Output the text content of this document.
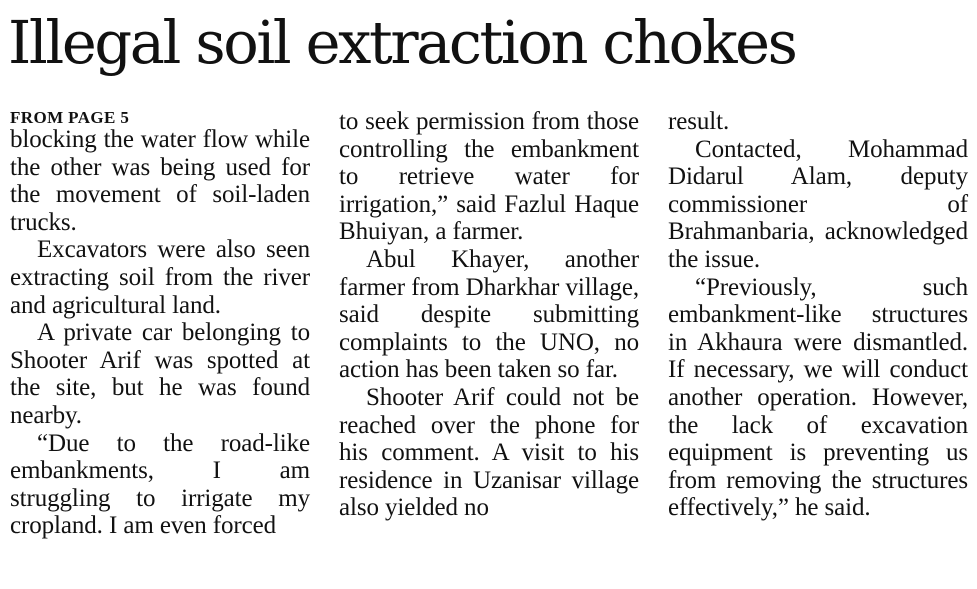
Illegal soil extraction chokes
FROM PAGE 5

blocking the water flow while the other was being used for the movement of soil-laden trucks.

Excavators were also seen extracting soil from the river and agricultural land.

A private car belonging to Shooter Arif was spotted at the site, but he was found nearby.

“Due to the road-like embankments, I am struggling to irrigate my cropland. I am even forced

to seek permission from those controlling the embankment to retrieve water for irrigation,” said Fazlul Haque Bhuiyan, a farmer.

Abul Khayer, another farmer from Dharkhar village, said despite submitting complaints to the UNO, no action has been taken so far.

Shooter Arif could not be reached over the phone for his comment. A visit to his residence in Uzanisar village also yielded no

result.

Contacted, Mohammad Didarul Alam, deputy commissioner of Brahmanbaria, acknowledged the issue.

“Previously, such embankment-like structures in Akhaura were dismantled. If necessary, we will conduct another operation. However, the lack of excavation equipment is preventing us from removing the structures effectively,” he said.
